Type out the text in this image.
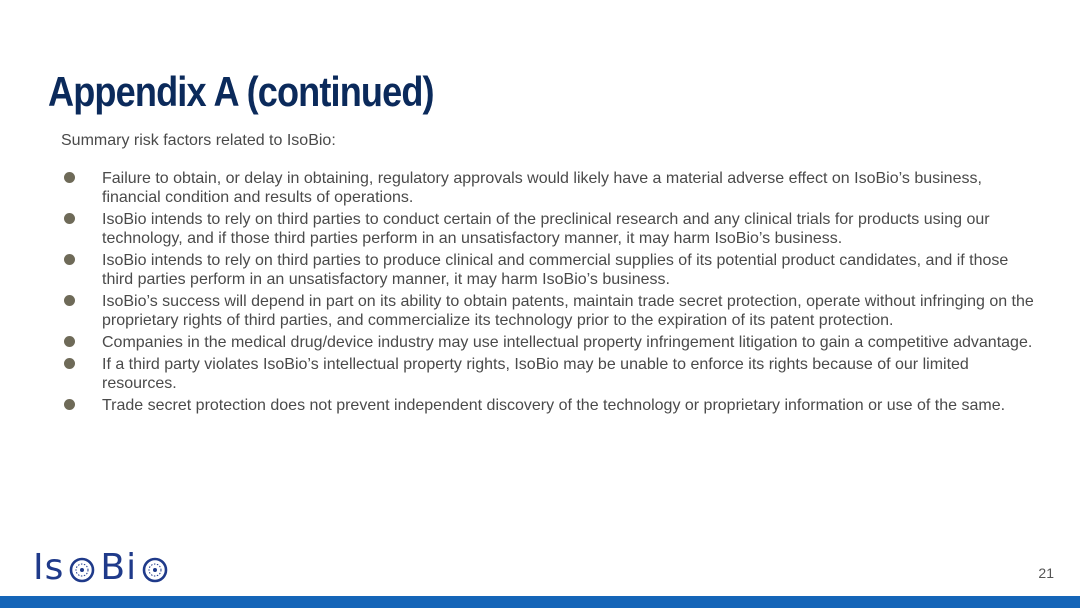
Appendix A (continued)
Summary risk factors related to IsoBio:
Failure to obtain, or delay in obtaining, regulatory approvals would likely have a material adverse effect on IsoBio’s business, financial condition and results of operations.
IsoBio intends to rely on third parties to conduct certain of the preclinical research and any clinical trials for products using our technology, and if those third parties perform in an unsatisfactory manner, it may harm IsoBio’s business.
IsoBio intends to rely on third parties to produce clinical and commercial supplies of its potential product candidates, and if those third parties perform in an unsatisfactory manner, it may harm IsoBio’s business.
IsoBio’s success will depend in part on its ability to obtain patents, maintain trade secret protection, operate without infringing on the proprietary rights of third parties, and commercialize its technology prior to the expiration of its patent protection.
Companies in the medical drug/device industry may use intellectual property infringement litigation to gain a competitive advantage.
If a third party violates IsoBio’s intellectual property rights, IsoBio may be unable to enforce its rights because of our limited resources.
Trade secret protection does not prevent independent discovery of the technology or proprietary information or use of the same.
Is Bi	21
